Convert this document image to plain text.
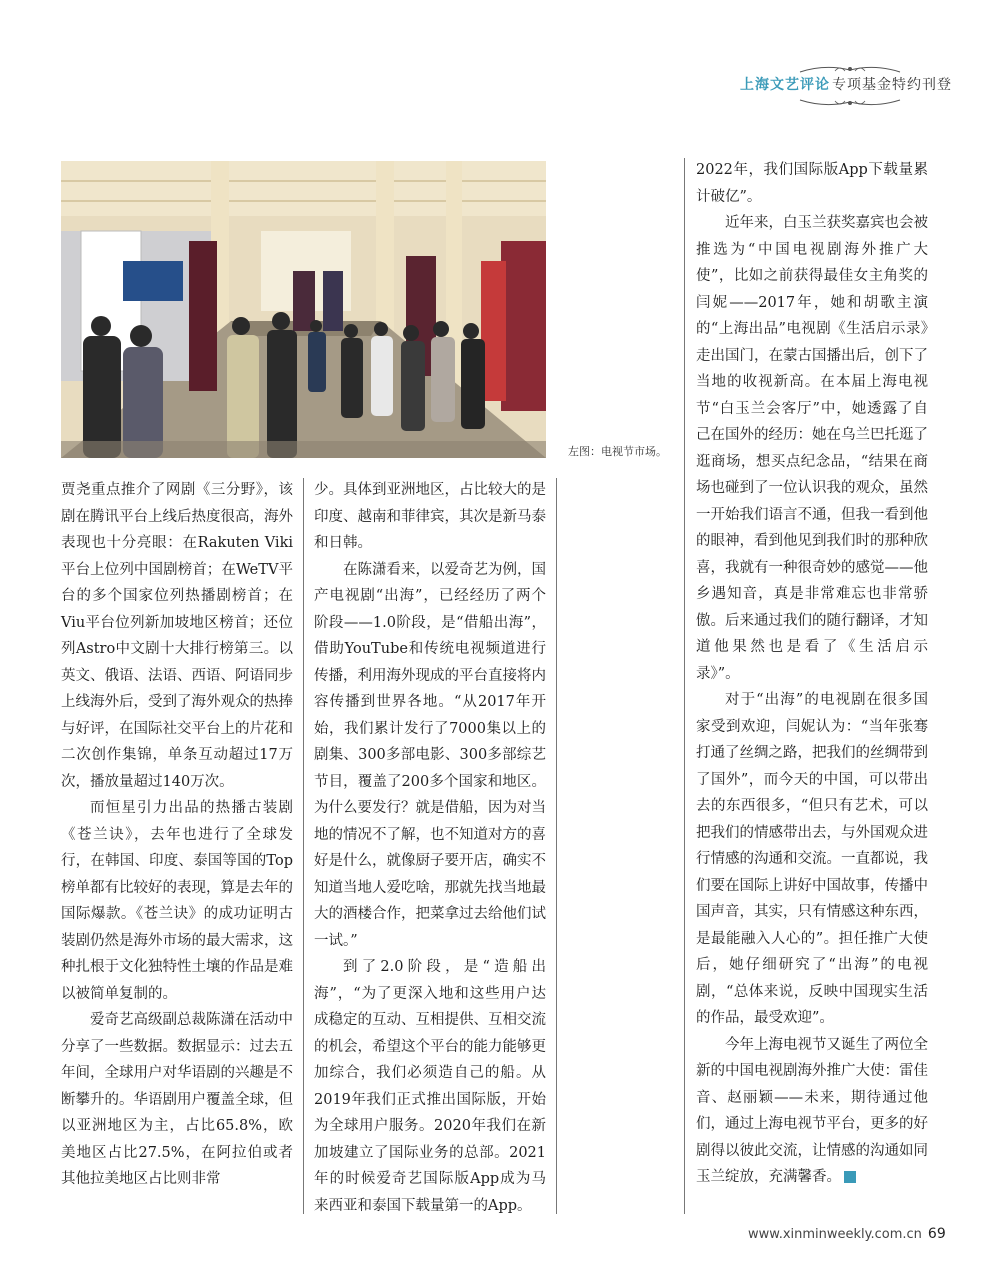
上海文艺评论 专项基金特约刊登
左图：电视节市场。

贾尧重点推介了网剧《三分野》，该剧在腾讯平台上线后热度很高，海外表现也十分亮眼：在Rakuten Viki平台上位列中国剧榜首；在WeTV平台的多个国家位列热播剧榜首；在Viu平台位列新加坡地区榜首；还位列Astro中文剧十大排行榜第三。以英文、俄语、法语、西语、阿语同步上线海外后，受到了海外观众的热捧与好评，在国际社交平台上的片花和二次创作集锦，单条互动超过17万次，播放量超过140万次。

而恒星引力出品的热播古装剧《苍兰诀》，去年也进行了全球发行，在韩国、印度、泰国等国的Top榜单都有比较好的表现，算是去年的国际爆款。《苍兰诀》的成功证明古装剧仍然是海外市场的最大需求，这种扎根于文化独特性土壤的作品是难以被简单复制的。

爱奇艺高级副总裁陈潇在活动中分享了一些数据。数据显示：过去五年间，全球用户对华语剧的兴趣是不断攀升的。华语剧用户覆盖全球，但以亚洲地区为主，占比65.8%，欧美地区占比27.5%，在阿拉伯或者其他拉美地区占比则非常

少。具体到亚洲地区，占比较大的是印度、越南和菲律宾，其次是新马泰和日韩。

在陈潇看来，以爱奇艺为例，国产电视剧“出海”，已经经历了两个阶段——1.0阶段，是“借船出海”，借助YouTube和传统电视频道进行传播，利用海外现成的平台直接将内容传播到世界各地。“从2017年开始，我们累计发行了7000集以上的剧集、300多部电影、300多部综艺节目，覆盖了200多个国家和地区。为什么要发行？就是借船，因为对当地的情况不了解，也不知道对方的喜好是什么，就像厨子要开店，确实不知道当地人爱吃啥，那就先找当地最大的酒楼合作，把菜拿过去给他们试一试。”

到了2.0阶段，是“造船出海”，“为了更深入地和这些用户达成稳定的互动、互相提供、互相交流的机会，希望这个平台的能力能够更加综合，我们必须造自己的船。从2019年我们正式推出国际版，开始为全球用户服务。2020年我们在新加坡建立了国际业务的总部。2021年的时候爱奇艺国际版App成为马来西亚和泰国下载量第一的App。

2022年，我们国际版App下载量累计破亿”。

近年来，白玉兰获奖嘉宾也会被推选为“中国电视剧海外推广大使”，比如之前获得最佳女主角奖的闫妮——2017年，她和胡歌主演的“上海出品”电视剧《生活启示录》走出国门，在蒙古国播出后，创下了当地的收视新高。在本届上海电视节“白玉兰会客厅”中，她透露了自己在国外的经历：她在乌兰巴托逛了逛商场，想买点纪念品，“结果在商场也碰到了一位认识我的观众，虽然一开始我们语言不通，但我一看到他的眼神，看到他见到我们时的那种欣喜，我就有一种很奇妙的感觉——他乡遇知音，真是非常难忘也非常骄傲。后来通过我们的随行翻译，才知道他果然也是看了《生活启示录》”。

对于“出海”的电视剧在很多国家受到欢迎，闫妮认为：“当年张骞打通了丝绸之路，把我们的丝绸带到了国外”，而今天的中国，可以带出去的东西很多，“但只有艺术，可以把我们的情感带出去，与外国观众进行情感的沟通和交流。一直都说，我们要在国际上讲好中国故事，传播中国声音，其实，只有情感这种东西，是最能融入人心的”。担任推广大使后，她仔细研究了“出海”的电视剧，“总体来说，反映中国现实生活的作品，最受欢迎”。

今年上海电视节又诞生了两位全新的中国电视剧海外推广大使：雷佳音、赵丽颖——未来，期待通过他们，通过上海电视节平台，更多的好剧得以彼此交流，让情感的沟通如同玉兰绽放，充满馨香。	民

www.xinminweekly.com.cn 69
